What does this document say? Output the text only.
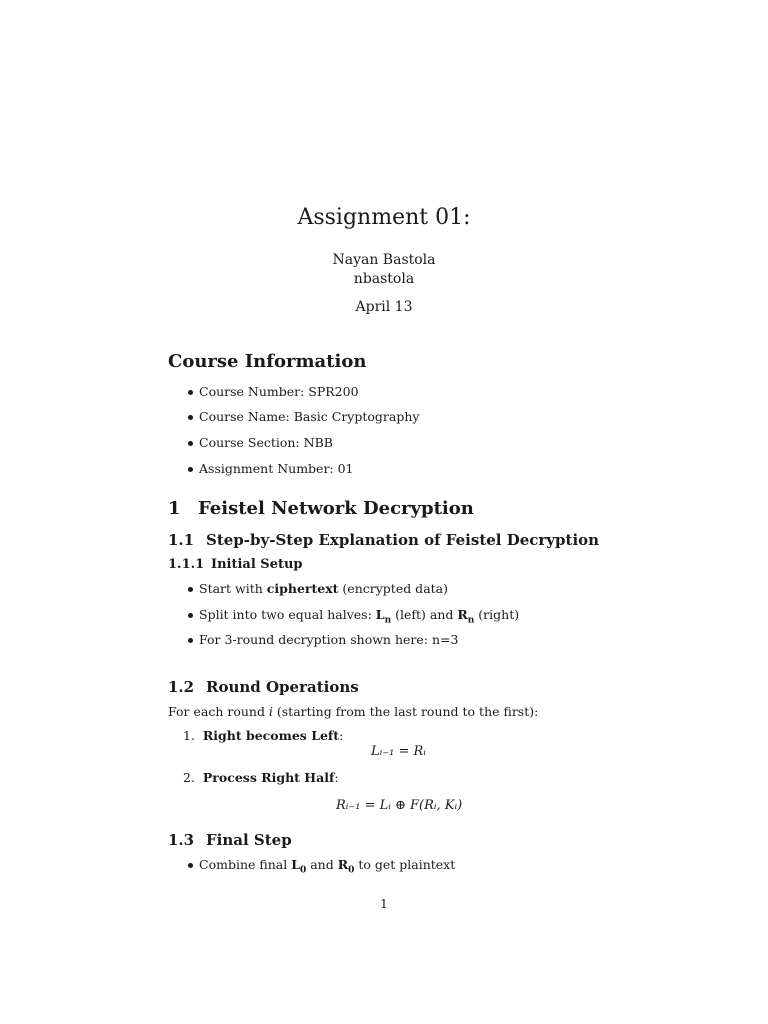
Assignment 01:
Nayan Bastola
nbastola
April 13
Course Information
Course Number: SPR200
Course Name: Basic Cryptography
Course Section: NBB
Assignment Number: 01
1 Feistel Network Decryption
1.1 Step-by-Step Explanation of Feistel Decryption
1.1.1 Initial Setup
Start with ciphertext (encrypted data)
Split into two equal halves: $L_n$ (left) and $R_n$ (right)
For 3-round decryption shown here: n=3
1.2 Round Operations
For each round i (starting from the last round to the first):
1. Right becomes Left:
Lᵢ₋₁ = Rᵢ
2. Process Right Half:
Rᵢ₋₁ = Lᵢ ⊕ F(Rᵢ, Kᵢ)
1.3 Final Step
Combine final $L_0$ and $R_0$ to get plaintext
1
